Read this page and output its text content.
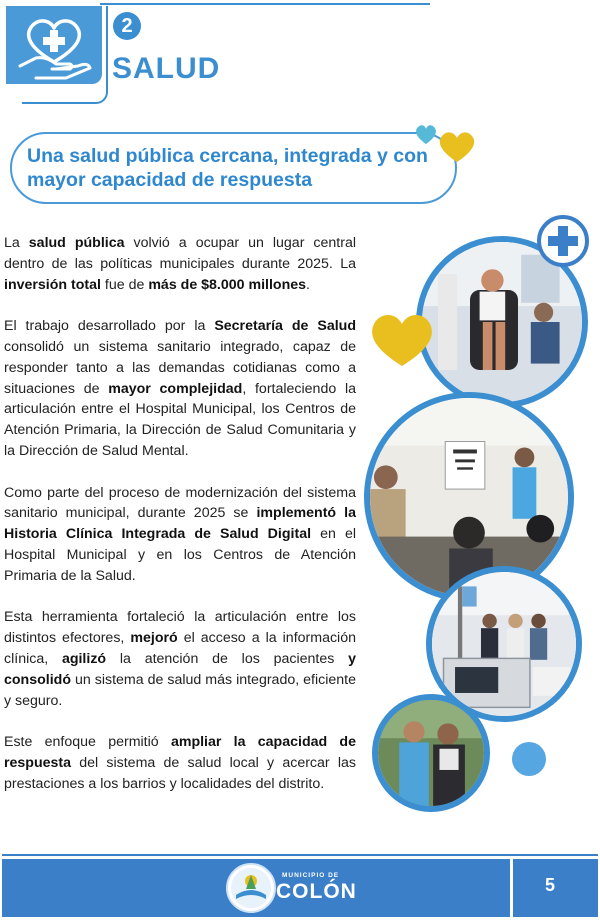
2
SALUD
Una salud pública cercana, integrada y con
mayor capacidad de respuesta

La salud pública volvió a ocupar un lugar central dentro de las políticas municipales durante 2025. La inversión total fue de más de $8.000 millones.

El trabajo desarrollado por la Secretaría de Salud consolidó un sistema sanitario integrado, capaz de responder tanto a las demandas cotidianas como a situaciones de mayor complejidad, fortaleciendo la articulación entre el Hospital Municipal, los Centros de Atención Primaria, la Dirección de Salud Comunitaria y la Dirección de Salud Mental.

Como parte del proceso de modernización del sistema sanitario municipal, durante 2025 se implementó la Historia Clínica Integrada de Salud Digital en el Hospital Municipal y en los Centros de Atención Primaria de la Salud.

Esta herramienta fortaleció la articulación entre los distintos efectores, mejoró el acceso a la información clínica, agilizó la atención de los pacientes y consolidó un sistema de salud más integrado, eficiente y seguro.

Este enfoque permitió ampliar la capacidad de respuesta del sistema de salud local y acercar las prestaciones a los barrios y localidades del distrito.

MUNICIPIO DE
COLÓN	5
